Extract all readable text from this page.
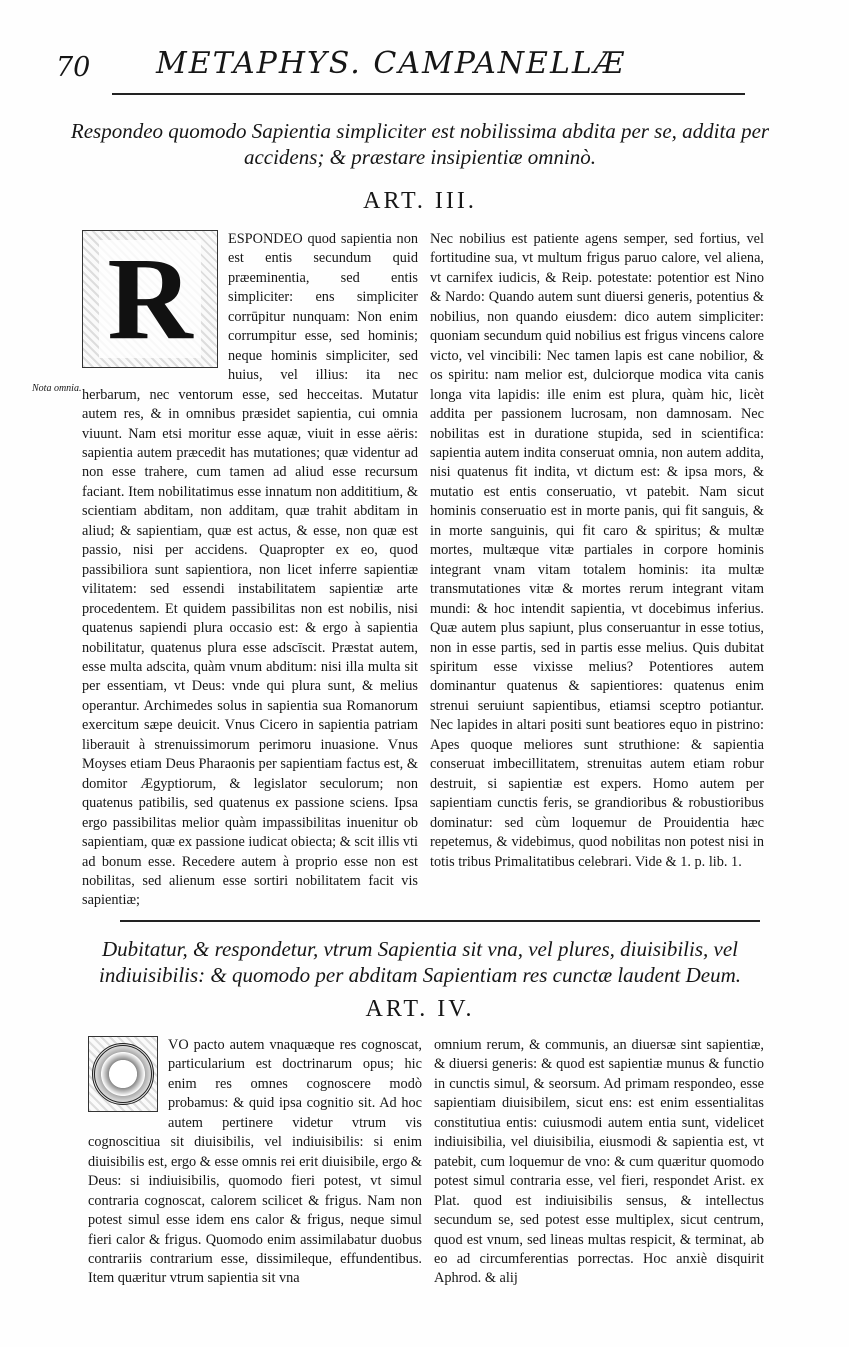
70 METAPHYS. CAMPANELLÆ
Respondeo quomodo Sapientia simpliciter est nobilissima abdita per se, addita per accidens; & præstare insipientiæ omninò.
ART. III.
Nota omnia.
R	ESPONDEO quod sapientia non est entis secundum quid præeminentia, sed entis simpliciter: ens simpliciter corrūpitur nunquam: Non enim corrumpitur esse, sed hominis; neque hominis simpliciter, sed huius, vel illius: ita nec herbarum, nec ventorum esse, sed hecceitas. Mutatur autem res, & in omnibus præsidet sapientia, cui omnia viuunt. Nam etsi moritur esse aquæ, viuit in esse aëris: sapientia autem præcedit has mutationes; quæ videntur ad non esse trahere, cum tamen ad aliud esse recursum faciant. Item nobilitatimus esse innatum non addititium, & scientiam abditam, non additam, quæ trahit abditam in aliud; & sapientiam, quæ est actus, & esse, non quæ est passio, nisi per accidens. Quapropter ex eo, quod passibiliora sunt sapientiora, non licet inferre sapientiæ vilitatem: sed essendi instabilitatem sapientiæ arte procedentem. Et quidem passibilitas non est nobilis, nisi quatenus sapiendi plura occasio est: & ergo à sapientia nobilitatur, quatenus plura esse adscīscit. Præstat autem, esse multa adscita, quàm vnum abditum: nisi illa multa sit per essentiam, vt Deus: vnde qui plura sunt, & melius operantur. Archimedes solus in sapientia sua Romanorum exercitum sæpe deuicit. Vnus Cicero in sapientia patriam liberauit à strenuissimorum perimoru inuasione. Vnus Moyses etiam Deus Pharaonis per sapientiam factus est, & domitor Ægyptiorum, & legislator seculorum; non quatenus patibilis, sed quatenus ex passione sciens. Ipsa ergo passibilitas melior quàm impassibilitas inuenitur ob sapientiam, quæ ex passione iudicat obiecta; & scit illis vti ad bonum esse. Recedere autem à proprio esse non est nobilitas, sed alienum esse sortiri nobilitatem facit vis sapientiæ;

Nec nobilius est patiente agens semper, sed fortius, vel fortitudine sua, vt multum frigus paruo calore, vel aliena, vt carnifex iudicis, & Reip. potestate: potentior est Nino & Nardo: Quando autem sunt diuersi generis, potentius & nobilius, non quando eiusdem: dico autem simpliciter: quoniam secundum quid nobilius est frigus vincens calore victo, vel vincibili: Nec tamen lapis est cane nobilior, & os spiritu: nam melior est, dulciorque modica vita canis longa vita lapidis: ille enim est plura, quàm hic, licèt addita per passionem lucrosam, non damnosam. Nec nobilitas est in duratione stupida, sed in scientifica: sapientia autem indita conseruat omnia, non autem addita, nisi quatenus fit indita, vt dictum est: & ipsa mors, & mutatio est entis conseruatio, vt patebit. Nam sicut hominis conseruatio est in morte panis, qui fit sanguis, & in morte sanguinis, qui fit caro & spiritus; & multæ mortes, multæque vitæ partiales in corpore hominis integrant vnam vitam totalem hominis: ita multæ transmutationes vitæ & mortes rerum integrant vitam mundi: & hoc intendit sapientia, vt docebimus inferius. Quæ autem plus sapiunt, plus conseruantur in esse totius, non in esse partis, sed in partis esse melius. Quis dubitat spiritum esse vixisse melius? Potentiores autem dominantur quatenus & sapientiores: quatenus enim strenui seruiunt sapientibus, etiamsi sceptro potiantur. Nec lapides in altari positi sunt beatiores equo in pistrino: Apes quoque meliores sunt struthione: & sapientia conseruat imbecillitatem, strenuitas autem etiam robur destruit, si sapientiæ est expers. Homo autem per sapientiam cunctis feris, se grandioribus & robustioribus dominatur: sed cùm loquemur de Prouidentia hæc repetemus, & videbimus, quod nobilitas non potest nisi in totis tribus Primalitatibus celebrari. Vide & 1. p. lib. 1.

Dubitatur, & respondetur, vtrum Sapientia sit vna, vel plures, diuisibilis, vel indiuisibilis: & quomodo per abditam Sapientiam res cunctæ laudent Deum.
ART. IV.

VO pacto autem vnaquæque res cognoscat, particularium est doctrinarum opus; hic enim res omnes cognoscere modò probamus: & quid ipsa cognitio sit. Ad hoc autem pertinere videtur vtrum vis cognoscitiua sit diuisibilis, vel indiuisibilis: si enim diuisibilis est, ergo & esse omnis rei erit diuisibile, ergo & Deus: si indiuisibilis, quomodo fieri potest, vt simul contraria cognoscat, calorem scilicet & frigus. Nam non potest simul esse idem ens calor & frigus, neque simul fieri calor & frigus. Quomodo enim assimilabatur duobus contrariis contrarium esse, dissimileque, effundentibus. Item quæritur vtrum sapientia sit vna

omnium rerum, & communis, an diuersæ sint sapientiæ, & diuersi generis: & quod est sapientiæ munus & functio in cunctis simul, & seorsum. Ad primam respondeo, esse sapientiam diuisibilem, sicut ens: est enim essentialitas constitutiua entis: cuiusmodi autem entia sunt, videlicet indiuisibilia, vel diuisibilia, eiusmodi & sapientia est, vt patebit, cum loquemur de vno: & cum quæritur quomodo potest simul contraria esse, vel fieri, respondet Arist. ex Plat. quod est indiuisibilis sensus, & intellectus secundum se, sed potest esse multiplex, sicut centrum, quod est vnum, sed lineas multas respicit, & terminat, ab eo ad circumferentias porrectas. Hoc anxiè disquirit Aphrod. & alij
